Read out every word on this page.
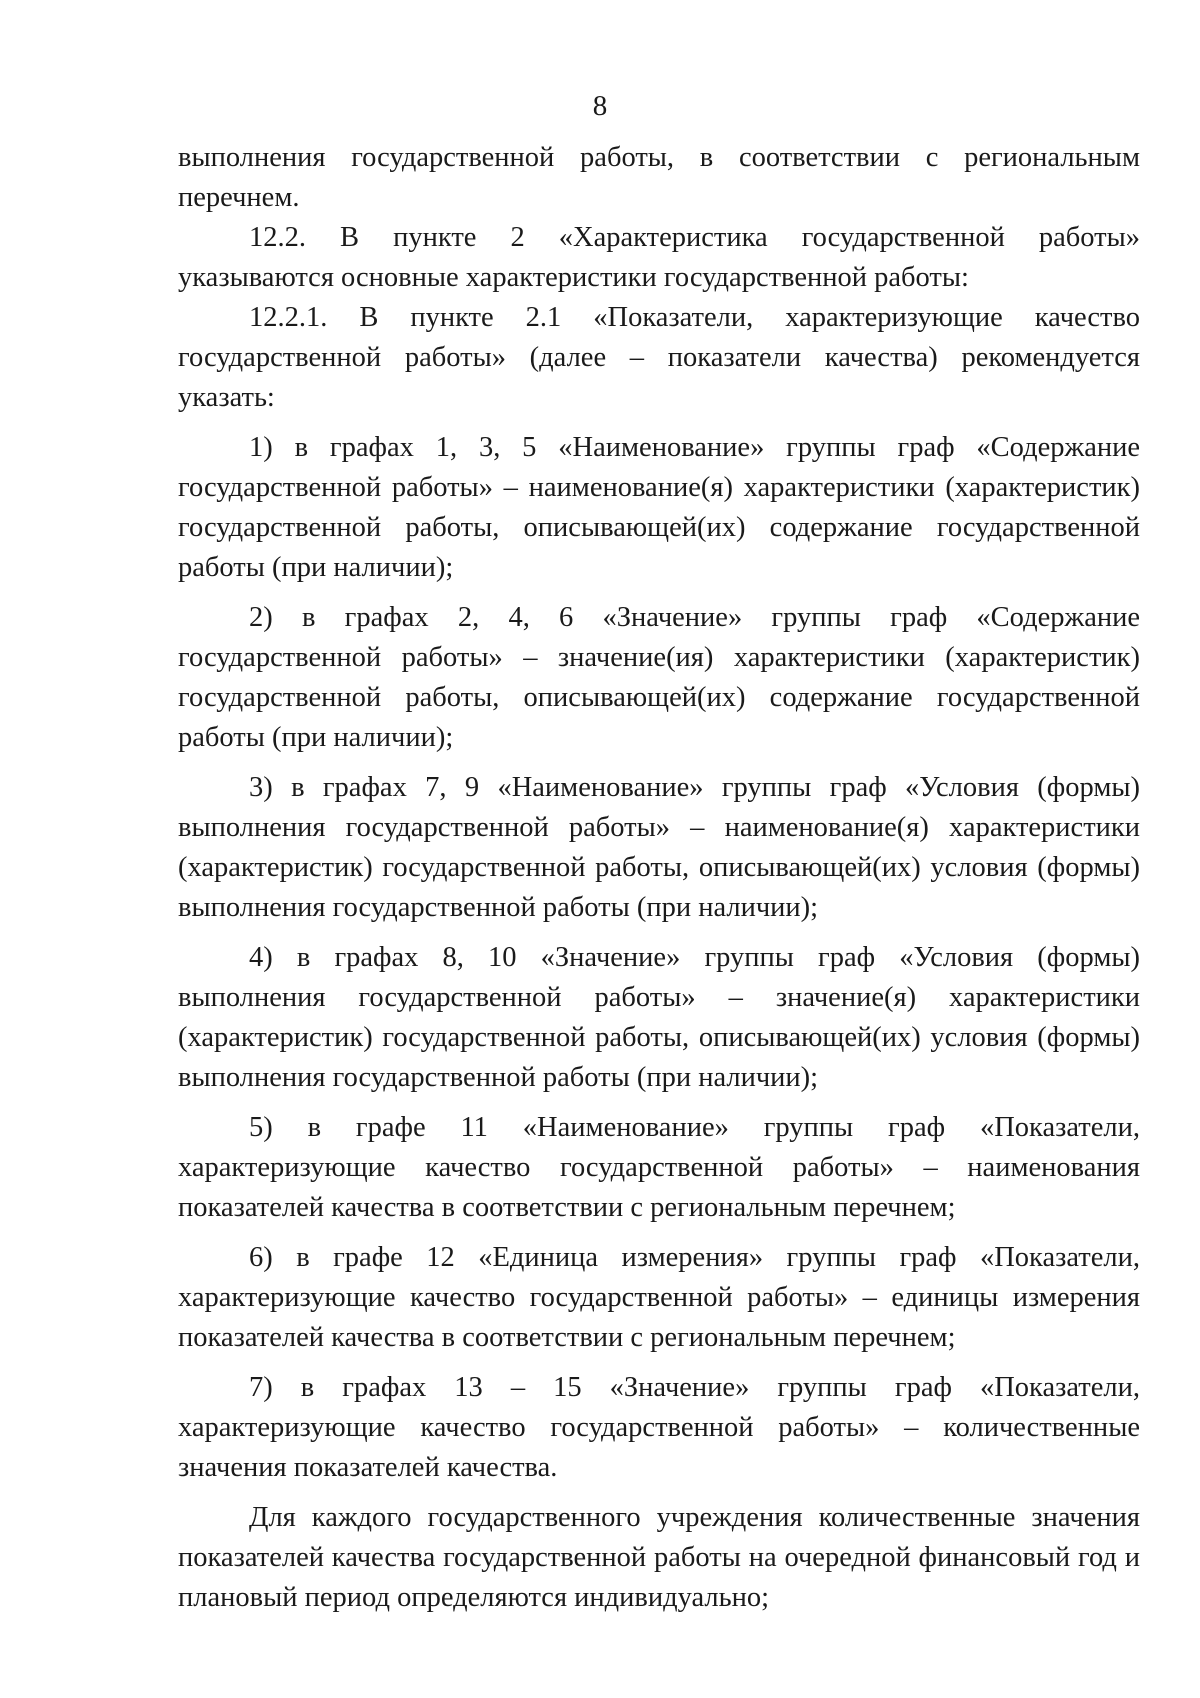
8

выполнения государственной работы, в соответствии с региональным перечнем.

12.2. В пункте 2 «Характеристика государственной работы» указываются основные характеристики государственной работы:

12.2.1. В пункте 2.1 «Показатели, характеризующие качество государственной работы» (далее – показатели качества) рекомендуется указать:

1) в графах 1, 3, 5 «Наименование» группы граф «Содержание государственной работы» – наименование(я) характеристики (характеристик) государственной работы, описывающей(их) содержание государственной работы (при наличии);

2) в графах 2, 4, 6 «Значение» группы граф «Содержание государственной работы» – значение(ия) характеристики (характеристик) государственной работы, описывающей(их) содержание государственной работы (при наличии);

3) в графах 7, 9 «Наименование» группы граф «Условия (формы) выполнения государственной работы» – наименование(я) характеристики (характеристик) государственной работы, описывающей(их) условия (формы) выполнения государственной работы (при наличии);

4) в графах 8, 10 «Значение» группы граф «Условия (формы) выполнения государственной работы» – значение(я) характеристики (характеристик) государственной работы, описывающей(их) условия (формы) выполнения государственной работы (при наличии);

5) в графе 11 «Наименование» группы граф «Показатели, характеризующие качество государственной работы» – наименования показателей качества в соответствии с региональным перечнем;

6) в графе 12 «Единица измерения» группы граф «Показатели, характеризующие качество государственной работы» – единицы измерения показателей качества в соответствии с региональным перечнем;

7) в графах 13 – 15 «Значение» группы граф «Показатели, характеризующие качество государственной работы» – количественные значения показателей качества.

Для каждого государственного учреждения количественные значения показателей качества государственной работы на очередной финансовый год и плановый период определяются индивидуально;
